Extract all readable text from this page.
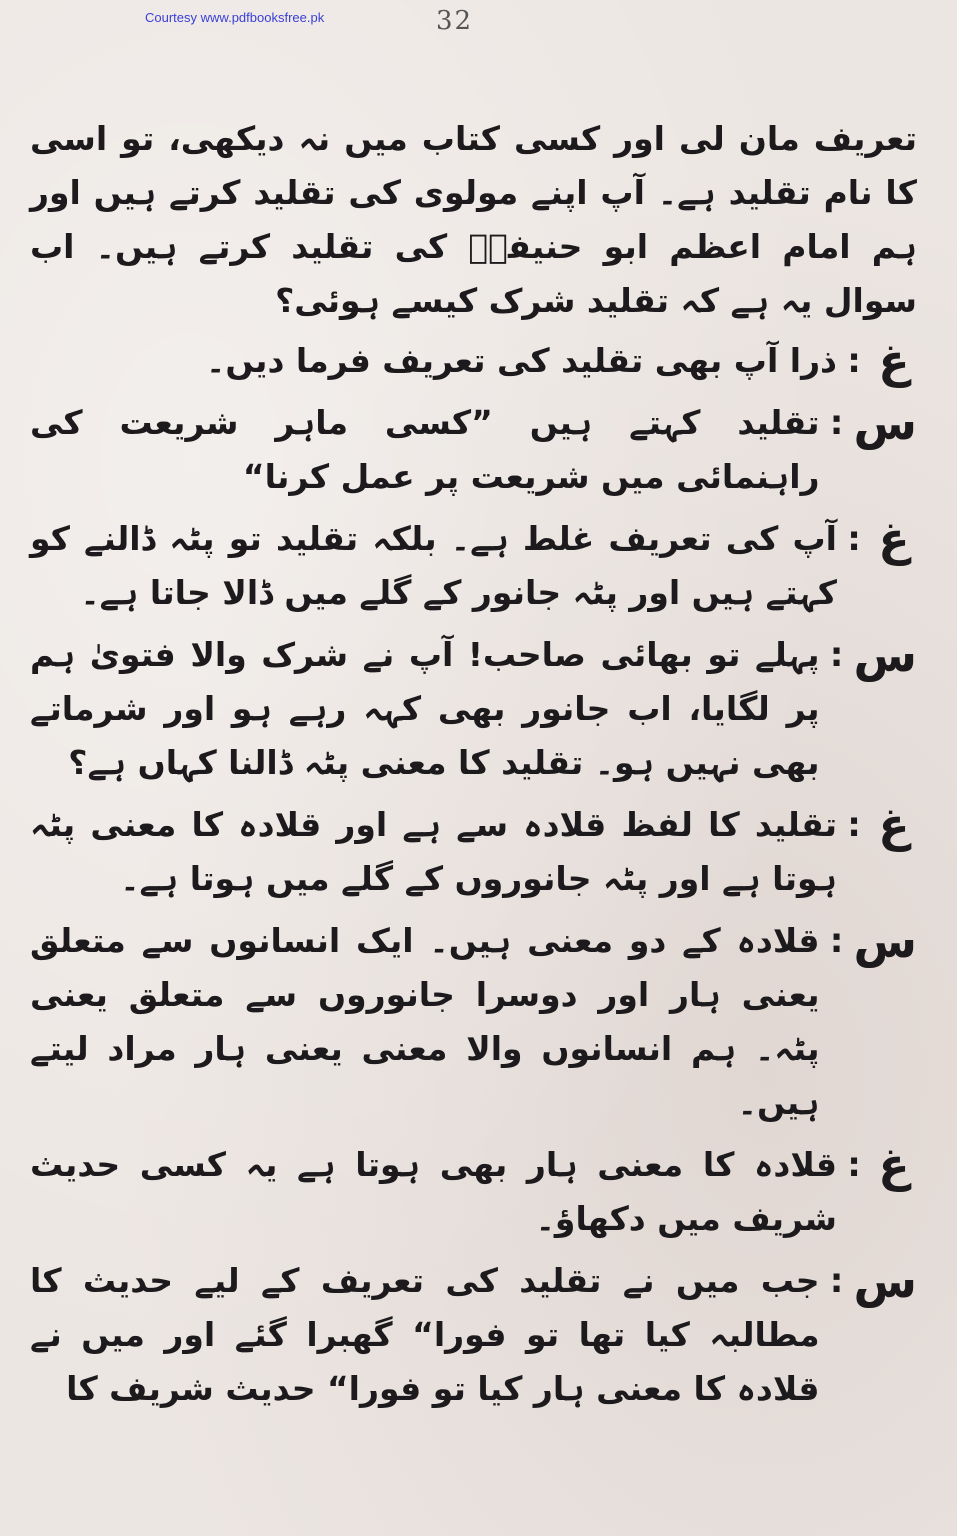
Courtesy www.pdfbooksfree.pk	32

تعریف مان لی اور کسی کتاب میں نہ دیکھی، تو اسی کا نام تقلید ہے۔ آپ اپنے مولوی کی تقلید کرتے ہیں اور ہم امام اعظم ابو حنیفہؒ کی تقلید کرتے ہیں۔ اب سوال یہ ہے کہ تقلید شرک کیسے ہوئی؟

غ
:
ذرا آپ بھی تقلید کی تعریف فرما دیں۔
س
:
تقلید کہتے ہیں ”کسی ماہر شریعت کی راہنمائی میں شریعت پر عمل کرنا“
غ
:
آپ کی تعریف غلط ہے۔ بلکہ تقلید تو پٹہ ڈالنے کو کہتے ہیں اور پٹہ جانور کے گلے میں ڈالا جاتا ہے۔
س
:
پہلے تو بھائی صاحب! آپ نے شرک والا فتویٰ ہم پر لگایا، اب جانور بھی کہہ رہے ہو اور شرماتے بھی نہیں ہو۔ تقلید کا معنی پٹہ ڈالنا کہاں ہے؟
غ
:
تقلید کا لفظ قلادہ سے ہے اور قلادہ کا معنی پٹہ ہوتا ہے اور پٹہ جانوروں کے گلے میں ہوتا ہے۔
س
:
قلادہ کے دو معنی ہیں۔ ایک انسانوں سے متعلق یعنی ہار اور دوسرا جانوروں سے متعلق یعنی پٹہ۔ ہم انسانوں والا معنی یعنی ہار مراد لیتے ہیں۔
غ
:
قلادہ کا معنی ہار بھی ہوتا ہے یہ کسی حدیث شریف میں دکھاؤ۔
س
:
جب میں نے تقلید کی تعریف کے لیے حدیث کا مطالبہ کیا تھا تو فورا“ گھبرا گئے اور میں نے قلادہ کا معنی ہار کیا تو فورا“ حدیث شریف کا
